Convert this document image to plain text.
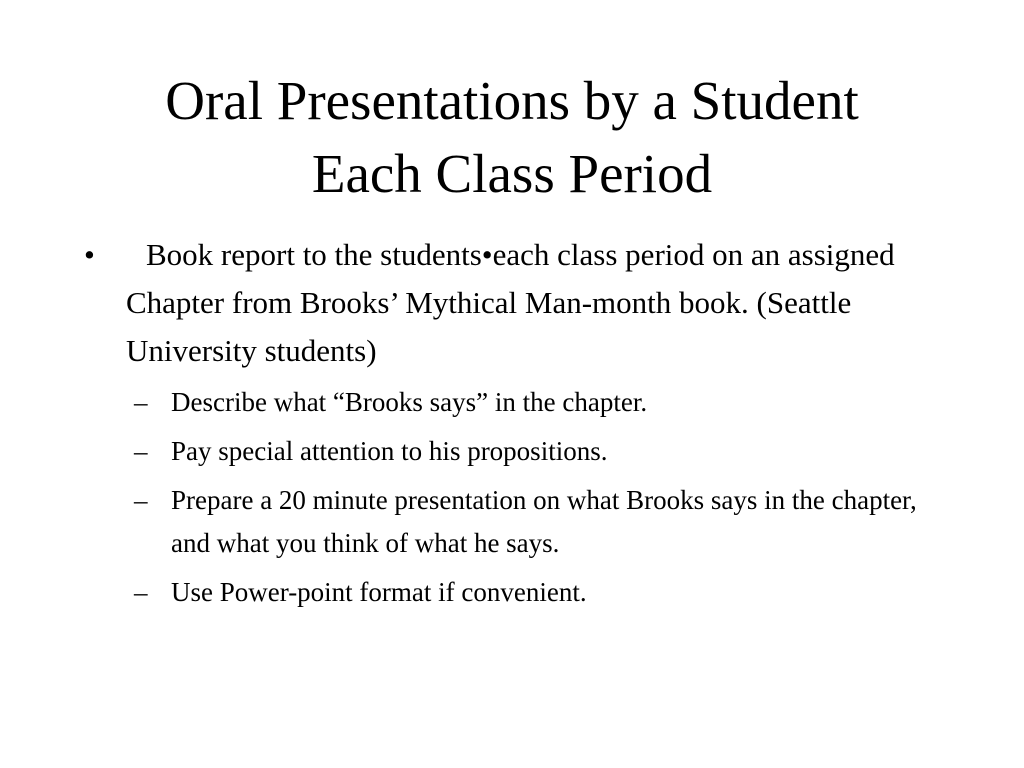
Oral Presentations by a Student
Each Class Period
•	Book report to the students•each class period on an assigned Chapter from Brooks’ Mythical Man-month book. (Seattle University students)
– Describe what “Brooks says” in the chapter.
– Pay special attention to his propositions.
– Prepare a 20 minute presentation on what Brooks says in the chapter, and what you think of what he says.
– Use Power-point format if convenient.
